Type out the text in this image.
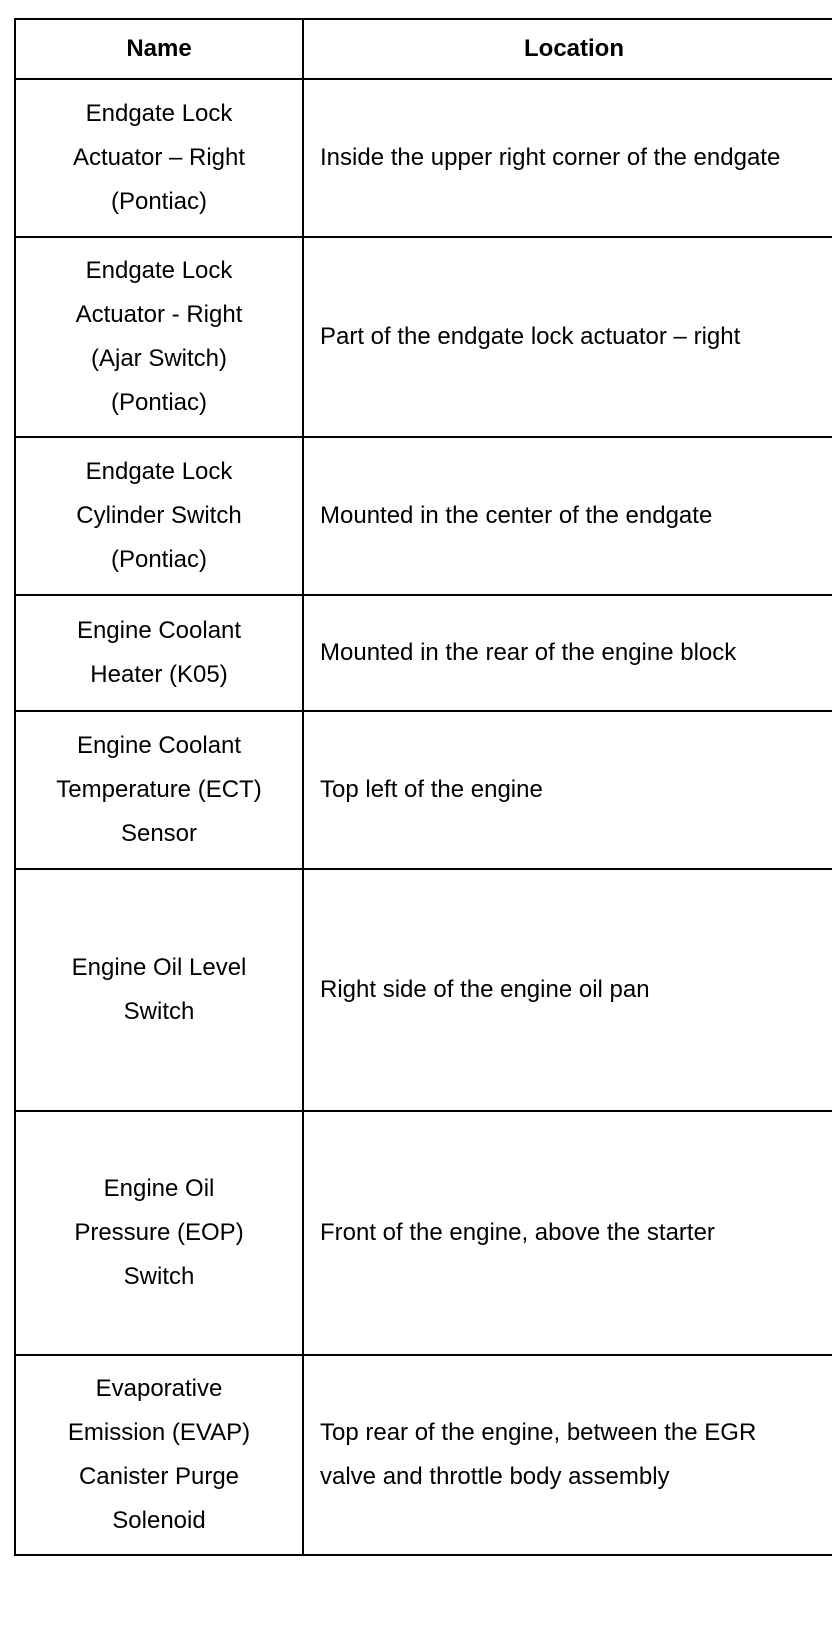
Name	Location
Endgate Lock Actuator – Right (Pontiac)	Inside the upper right corner of the endgate
Endgate Lock Actuator - Right (Ajar Switch) (Pontiac)	Part of the endgate lock actuator – right
Endgate Lock Cylinder Switch (Pontiac)	Mounted in the center of the endgate
Engine Coolant Heater (K05)	Mounted in the rear of the engine block
Engine Coolant Temperature (ECT) Sensor	Top left of the engine
Engine Oil Level Switch	Right side of the engine oil pan
Engine Oil Pressure (EOP) Switch	Front of the engine, above the starter
Evaporative Emission (EVAP) Canister Purge Solenoid	Top rear of the engine, between the EGR valve and throttle body assembly
